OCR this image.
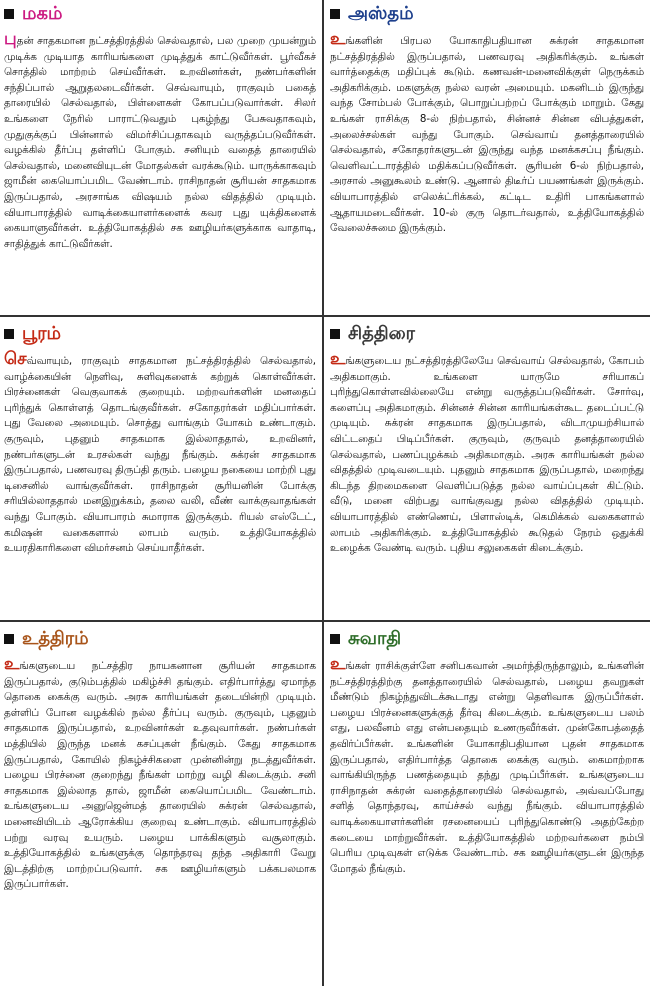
மகம்
புதன் சாதகமான நட்சத்திரத்தில் செல்வதால், பல முறை முயன்றும் முடிக்க முடியாத காரியங்களை முடித்துக் காட்டுவீர்கள். பூர்வீகச் சொத்தில் மாற்றம் செய்வீர்கள். உறவினர்கள், நண்பர்களின் சந்திப்பால் ஆறுதலடைவீர்கள். செவ்வாயும், ராகுவும் பகைத் தாரையில் செல்வதால், பிள்ளைகள் கோபப்படுவார்கள். சிலர் உங்களை நேரில் பாராட்டுவதும் புகழ்ந்து பேசுவதாகவும், முதுகுக்குப் பின்னால் விமர்சிப்பதாகவும் வருத்தப்படுவீர்கள். வழக்கில் தீர்ப்பு தள்ளிப் போகும். சனியும் வதைத் தாரையில் செல்வதால், மனைவியுடன் மோதல்கள் வரக்கூடும். யாருக்காகவும் ஜாமீன் கையொப்பமிட வேண்டாம். ராசிநாதன் சூரியன் சாதகமாக இருப்பதால், அரசாங்க விஷயம் நல்ல விதத்தில் முடியும். வியாபாரத்தில் வாடிக்கையாளர்களைக் கவர புது யுக்திகளைக் கையாளுவீர்கள். உத்தியோகத்தில் சக ஊழியர்களுக்காக வாதாடி, சாதித்துக் காட்டுவீர்கள்.
அஸ்தம்
உங்களின் பிரபல யோகாதிபதியான சுக்ரன் சாதகமான நட்சத்திரத்தில் இருப்பதால், பணவரவு அதிகரிக்கும். உங்கள் வார்த்தைக்கு மதிப்புக் கூடும். கணவன்-மனைவிக்குள் நெருக்கம் அதிகரிக்கும். மகளுக்கு நல்ல வரன் அமையும். மகனிடம் இருந்து வந்த சோம்பல் போக்கும், பொறுப்பற்றப் போக்கும் மாறும். கேது உங்கள் ராசிக்கு 8-ல் நிற்பதால், சின்னச் சின்ன விபத்துகள், அலைச்சல்கள் வந்து போகும். செவ்வாய் தனத்தாரையில் செல்வதால், சகோதரர்களுடன் இருந்து வந்த மனக்கசப்பு நீங்கும். வெளிவட்டாரத்தில் மதிக்கப்படுவீர்கள். சூரியன் 6-ல் நிற்பதால், அரசால் அனுகூலம் உண்டு. ஆனால் திடீர்ப் பயணங்கள் இருக்கும். வியாபாரத்தில் எலெக்ட்ரிக்கல், கட்டிட உதிரி பாகங்களால் ஆதாயமடைவீர்கள். 10-ல் குரு தொடர்வதால், உத்தியோகத்தில் வேலைச்சுமை இருக்கும்.
பூரம்
செவ்வாயும், ராகுவும் சாதகமான நட்சத்திரத்தில் செல்வதால், வாழ்க்கையின் நெளிவு, சுளிவுகளைக் கற்றுக் கொள்வீர்கள். பிரச்னைகள் வெகுவாகக் குறையும். மற்றவர்களின் மனதைப் புரிந்துக் கொள்ளத் தொடங்குவீர்கள். சகோதரர்கள் மதிப்பார்கள். புது வேலை அமையும். சொத்து வாங்கும் யோகம் உண்டாகும். குருவும், புதனும் சாதகமாக இல்லாததால், உறவினர், நண்பர்களுடன் உரசல்கள் வந்து நீங்கும். சுக்ரன் சாதகமாக இருப்பதால், பணவரவு திருப்தி தரும். பழைய நகையை மாற்றி புது டிசைனில் வாங்குவீர்கள். ராசிநாதன் சூரியனின் போக்கு சரியில்லாததால் மனஇறுக்கம், தலை வலி, வீண் வாக்குவாதங்கள் வந்து போகும். வியாபாரம் சுமாராக இருக்கும். ரியல் எஸ்டேட், கமிஷன் வகைகளால் லாபம் வரும். உத்தியோகத்தில் உயரதிகாரிகளை விமர்சனம் செய்யாதீர்கள்.
சித்திரை
உங்களுடைய நட்சத்திரத்திலேயே செவ்வாய் செல்வதால், கோபம் அதிகமாகும். உங்களை யாருமே சரியாகப் புரிந்துகொள்ளவில்லையே என்று வருத்தப்படுவீர்கள். சோர்வு, களைப்பு அதிகமாகும். சின்னச் சின்ன காரியங்கள்கூட தடைப்பட்டு முடியும். சுக்ரன் சாதகமாக இருப்பதால், விடாமுயற்சியால் விட்டதைப் பிடிப்பீர்கள். குருவும், குருவும் தனத்தாரையில் செல்வதால், பணப்புழக்கம் அதிகமாகும். அரசு காரியங்கள் நல்ல விதத்தில் முடிவடையும். புதனும் சாதகமாக இருப்பதால், மறைந்து கிடந்த திறமைகளை வெளிப்படுத்த நல்ல வாய்ப்புகள் கிட்டும். வீடு, மனை விற்பது வாங்குவது நல்ல விதத்தில் முடியும். வியாபாரத்தில் எண்ணெய், பிளாஸ்டிக், கெமிக்கல் வகைகளால் லாபம் அதிகரிக்கும். உத்தியோகத்தில் கூடுதல் நேரம் ஒதுக்கி உழைக்க வேண்டி வரும். புதிய சலுகைகள் கிடைக்கும்.
உத்திரம்
உங்களுடைய நட்சத்திர நாயகனான சூரியன் சாதகமாக இருப்பதால், குடும்பத்தில் மகிழ்ச்சி தங்கும். எதிர்பார்த்து ஏமாந்த தொகை கைக்கு வரும். அரசு காரியங்கள் தடையின்றி முடியும். தள்ளிப் போன வழக்கில் நல்ல தீர்ப்பு வரும். குருவும், புதனும் சாதகமாக இருப்பதால், உறவினர்கள் உதவுவார்கள். நண்பர்கள் மத்தியில் இருந்த மனக் கசப்புகள் நீங்கும். கேது சாதகமாக இருப்பதால், கோயில் நிகழ்ச்சிகளை முன்னின்று நடத்துவீர்கள். பழைய பிரச்னை குறைந்து நீங்கள் மாற்று வழி கிடைக்கும். சனி சாதகமாக இல்லாத தால், ஜாமீன் கையொப்பமிட வேண்டாம். உங்களுடைய அனுஜென்மத் தாரையில் சுக்ரன் செல்வதால், மனைவியிடம் ஆரோக்கிய குறைவு உண்டாகும். வியாபாரத்தில் பற்று வரவு உயரும். பழைய பாக்கிகளும் வசூலாகும். உத்தியோகத்தில் உங்களுக்கு தொந்தரவு தந்த அதிகாரி வேறு இடத்திற்கு மாற்றப்படுவார். சக ஊழியர்களும் பக்கபலமாக இருப்பார்கள்.
சுவாதி
உங்கள் ராசிக்குள்ளே சனிபகவான் அமர்ந்திருந்தாலும், உங்களின் நட்சத்திரத்திற்கு தனத்தாரையில் செல்வதால், பழைய தவறுகள் மீண்டும் நிகழ்ந்துவிடக்கூடாது என்று தெளிவாக இருப்பீர்கள். பழைய பிரச்னைகளுக்குத் தீர்வு கிடைக்கும். உங்களுடைய பலம் எது, பலவீனம் எது என்பதையும் உணருவீர்கள். முன்கோபத்தைத் தவிர்ப்பீர்கள். உங்களின் யோகாதிபதியான புதன் சாதகமாக இருப்பதால், எதிர்பார்த்த தொகை கைக்கு வரும். கைமாற்றாக வாங்கியிருந்த பணத்தையும் தந்து முடிப்பீர்கள். உங்களுடைய ராசிநாதன் சுக்ரன் வதைத்தாரையில் செல்வதால், அவ்வப்போது சளித் தொந்தரவு, காய்ச்சல் வந்து நீங்கும். வியாபாரத்தில் வாடிக்கையாளர்களின் ரசனையைப் புரிந்துகொண்டு அதற்கேற்ற கடையை மாற்றுவீர்கள். உத்தியோகத்தில் மற்றவர்களை நம்பி பெரிய முடிவுகள் எடுக்க வேண்டாம். சக ஊழியர்களுடன் இருந்த மோதல் நீங்கும்.
